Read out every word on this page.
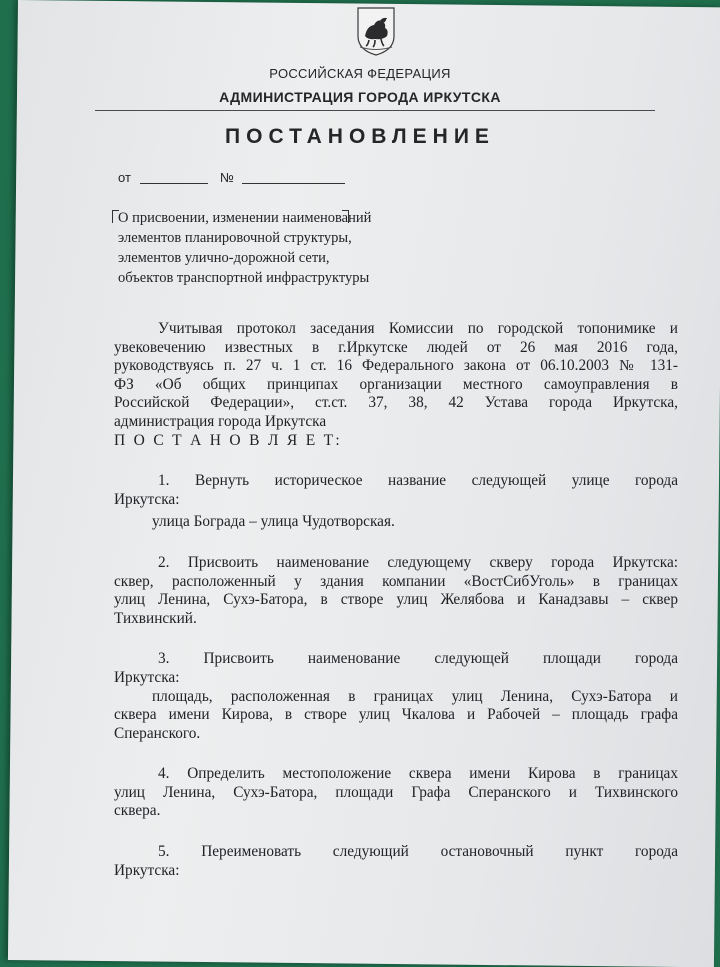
РОССИЙСКАЯ ФЕДЕРАЦИЯ
АДМИНИСТРАЦИЯ ГОРОДА ИРКУТСКА
ПОСТАНОВЛЕНИЕ
от	№
О присвоении, изменении наименований
элементов планировочной структуры,
элементов улично-дорожной сети,
объектов транспортной инфраструктуры
Учитывая протокол заседания Комиссии по городской топонимике и
увековечению известных в г.Иркутске людей от 26 мая 2016 года,
руководствуясь п. 27 ч. 1 ст. 16 Федерального закона от 06.10.2003 № 131-
ФЗ «Об общих принципах организации местного самоуправления в
Российской Федерации», ст.ст. 37, 38, 42 Устава города Иркутска,
администрация города Иркутска
П О С Т А Н О В Л Я Е Т:
1. Вернуть историческое название следующей улице города
Иркутска:
улица Бограда – улица Чудотворская.
2. Присвоить наименование следующему скверу города Иркутска:
сквер, расположенный у здания компании «ВостСибУголь» в границах
улиц Ленина, Сухэ-Батора, в створе улиц Желябова и Канадзавы – сквер
Тихвинский.
3. Присвоить наименование следующей площади города
Иркутска:
площадь, расположенная в границах улиц Ленина, Сухэ-Батора и
сквера имени Кирова, в створе улиц Чкалова и Рабочей – площадь графа
Сперанского.
4. Определить местоположение сквера имени Кирова в границах
улиц Ленина, Сухэ-Батора, площади Графа Сперанского и Тихвинского
сквера.
5. Переименовать следующий остановочный пункт города
Иркутска:
